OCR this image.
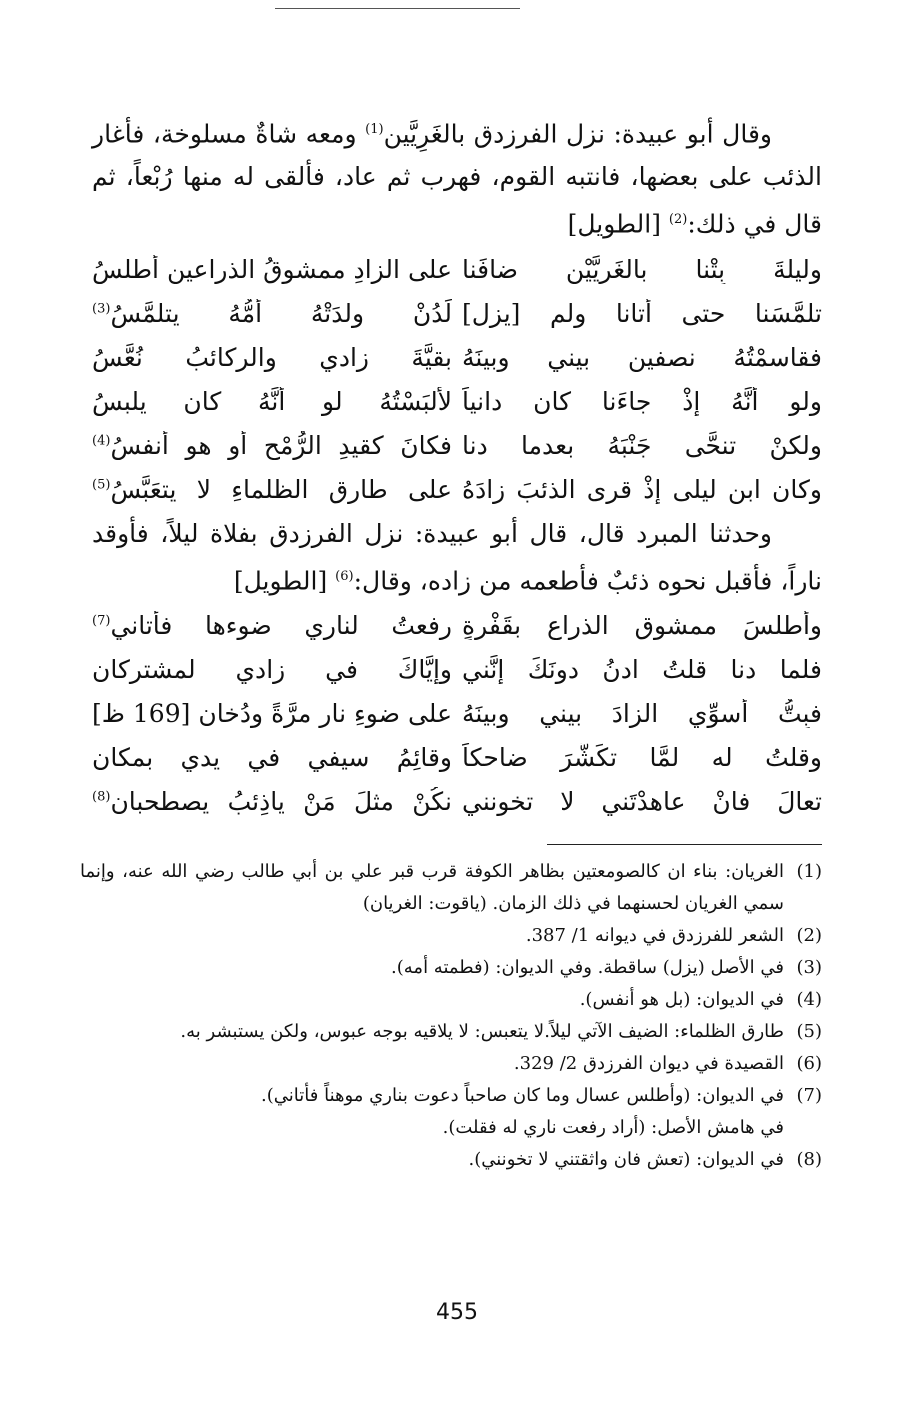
وقال أبو عبيدة: نزل الفرزدق بالغَرِيَّين$^{(1)}$ ومعه شاةٌ مسلوخة، فأغار الذئب على بعضها، فانتبه القوم، فهرب ثم عاد، فألقى له منها رُبْعاً، ثم قال في ذلك:$^{(2)}$ [الطويل]

وليلةَ بِتْنا بالغَرِيَّيْنِ ضافَنا
على الزادِ ممشوقُ الذراعينِ أطلسُ
تلمَّسَنا حتى أتانا ولم [يزل]
لَدُنْ ولدَتْهُ أُمُّهُ يتلمَّسُ$^{(3)}$
فقاسمْتُهُ نصفينِ بيني وبينَهُ
بقيَّةَ زادي والركائبُ نُعَّسُ
ولو أنَّهُ إذْ جاءَنا كان دانياً
لألبَسْتُهُ لو أنَّهُ كان يلبسُ
ولكنْ تنحَّى جَنْبَهُ بعدما دنا
فكانَ كقيدِ الرُّمْحِ أو هو أنفسُ$^{(4)}$
وكان ابن ليلى إذْ قرى الذئبَ زادَهُ
على طارقِ الظلماءِ لا يتعَبَّسُ$^{(5)}$

وحدثنا المبرد قال، قال أبو عبيدة: نزل الفرزدق بفلاة ليلاً، فأوقد ناراً، فأقبل نحوه ذئبٌ فأطعمه من زاده، وقال:$^{(6)}$ [الطويل]

وأطلسَ ممشوقِ الذراعِ بقَفْرةٍ
رفعتُ لناري ضوءها فأتاني$^{(7)}$
فلما دنا قلتُ ادنُ دونَكَ إنَّني
وإيَّاكَ في زادي لمشتركانِ
فبِتُّ أُسوِّي الزادَ بيني وبينَهُ
على ضوءِ نارٍ مرَّةً ودُخانِ [169 ظ]
وقلتُ له لمَّا تكَشَّرَ ضاحكاً
وقائِمُ سيفي في يدي بمكانِ
تعالَ فانْ عاهدْتَني لا تخونني
نكُنْ مثلَ مَنْ ياذِئبُ يصطحبانِ$^{(8)}$
(1)
الغريان: بناء ان كالصومعتين بظاهر الكوفة قرب قبر علي بن أبي طالب رضي الله عنه، وإنما سمي الغريان لحسنهما في ذلك الزمان. (ياقوت: الغريان)
(2)
الشعر للفرزدق في ديوانه 1/ 387.
(3)
في الأصل (يزل) ساقطة. وفي الديوان: (فطمته أمه).
(4)
في الديوان: (بل هو أنفس).
(5)
طارق الظلماء: الضيف الآتي ليلاً.لا يتعبس: لا يلاقيه بوجه عبوس، ولكن يستبشر به.
(6)
القصيدة في ديوان الفرزدق 2/ 329.
(7)
في الديوان: (وأطلس عسال وما كان صاحباً دعوت بناري موهناً فأتاني).
في هامش الأصل: (أراد رفعت ناري له فقلت).
(8)
في الديوان: (تعش فان واثقتني لا تخونني).
455
